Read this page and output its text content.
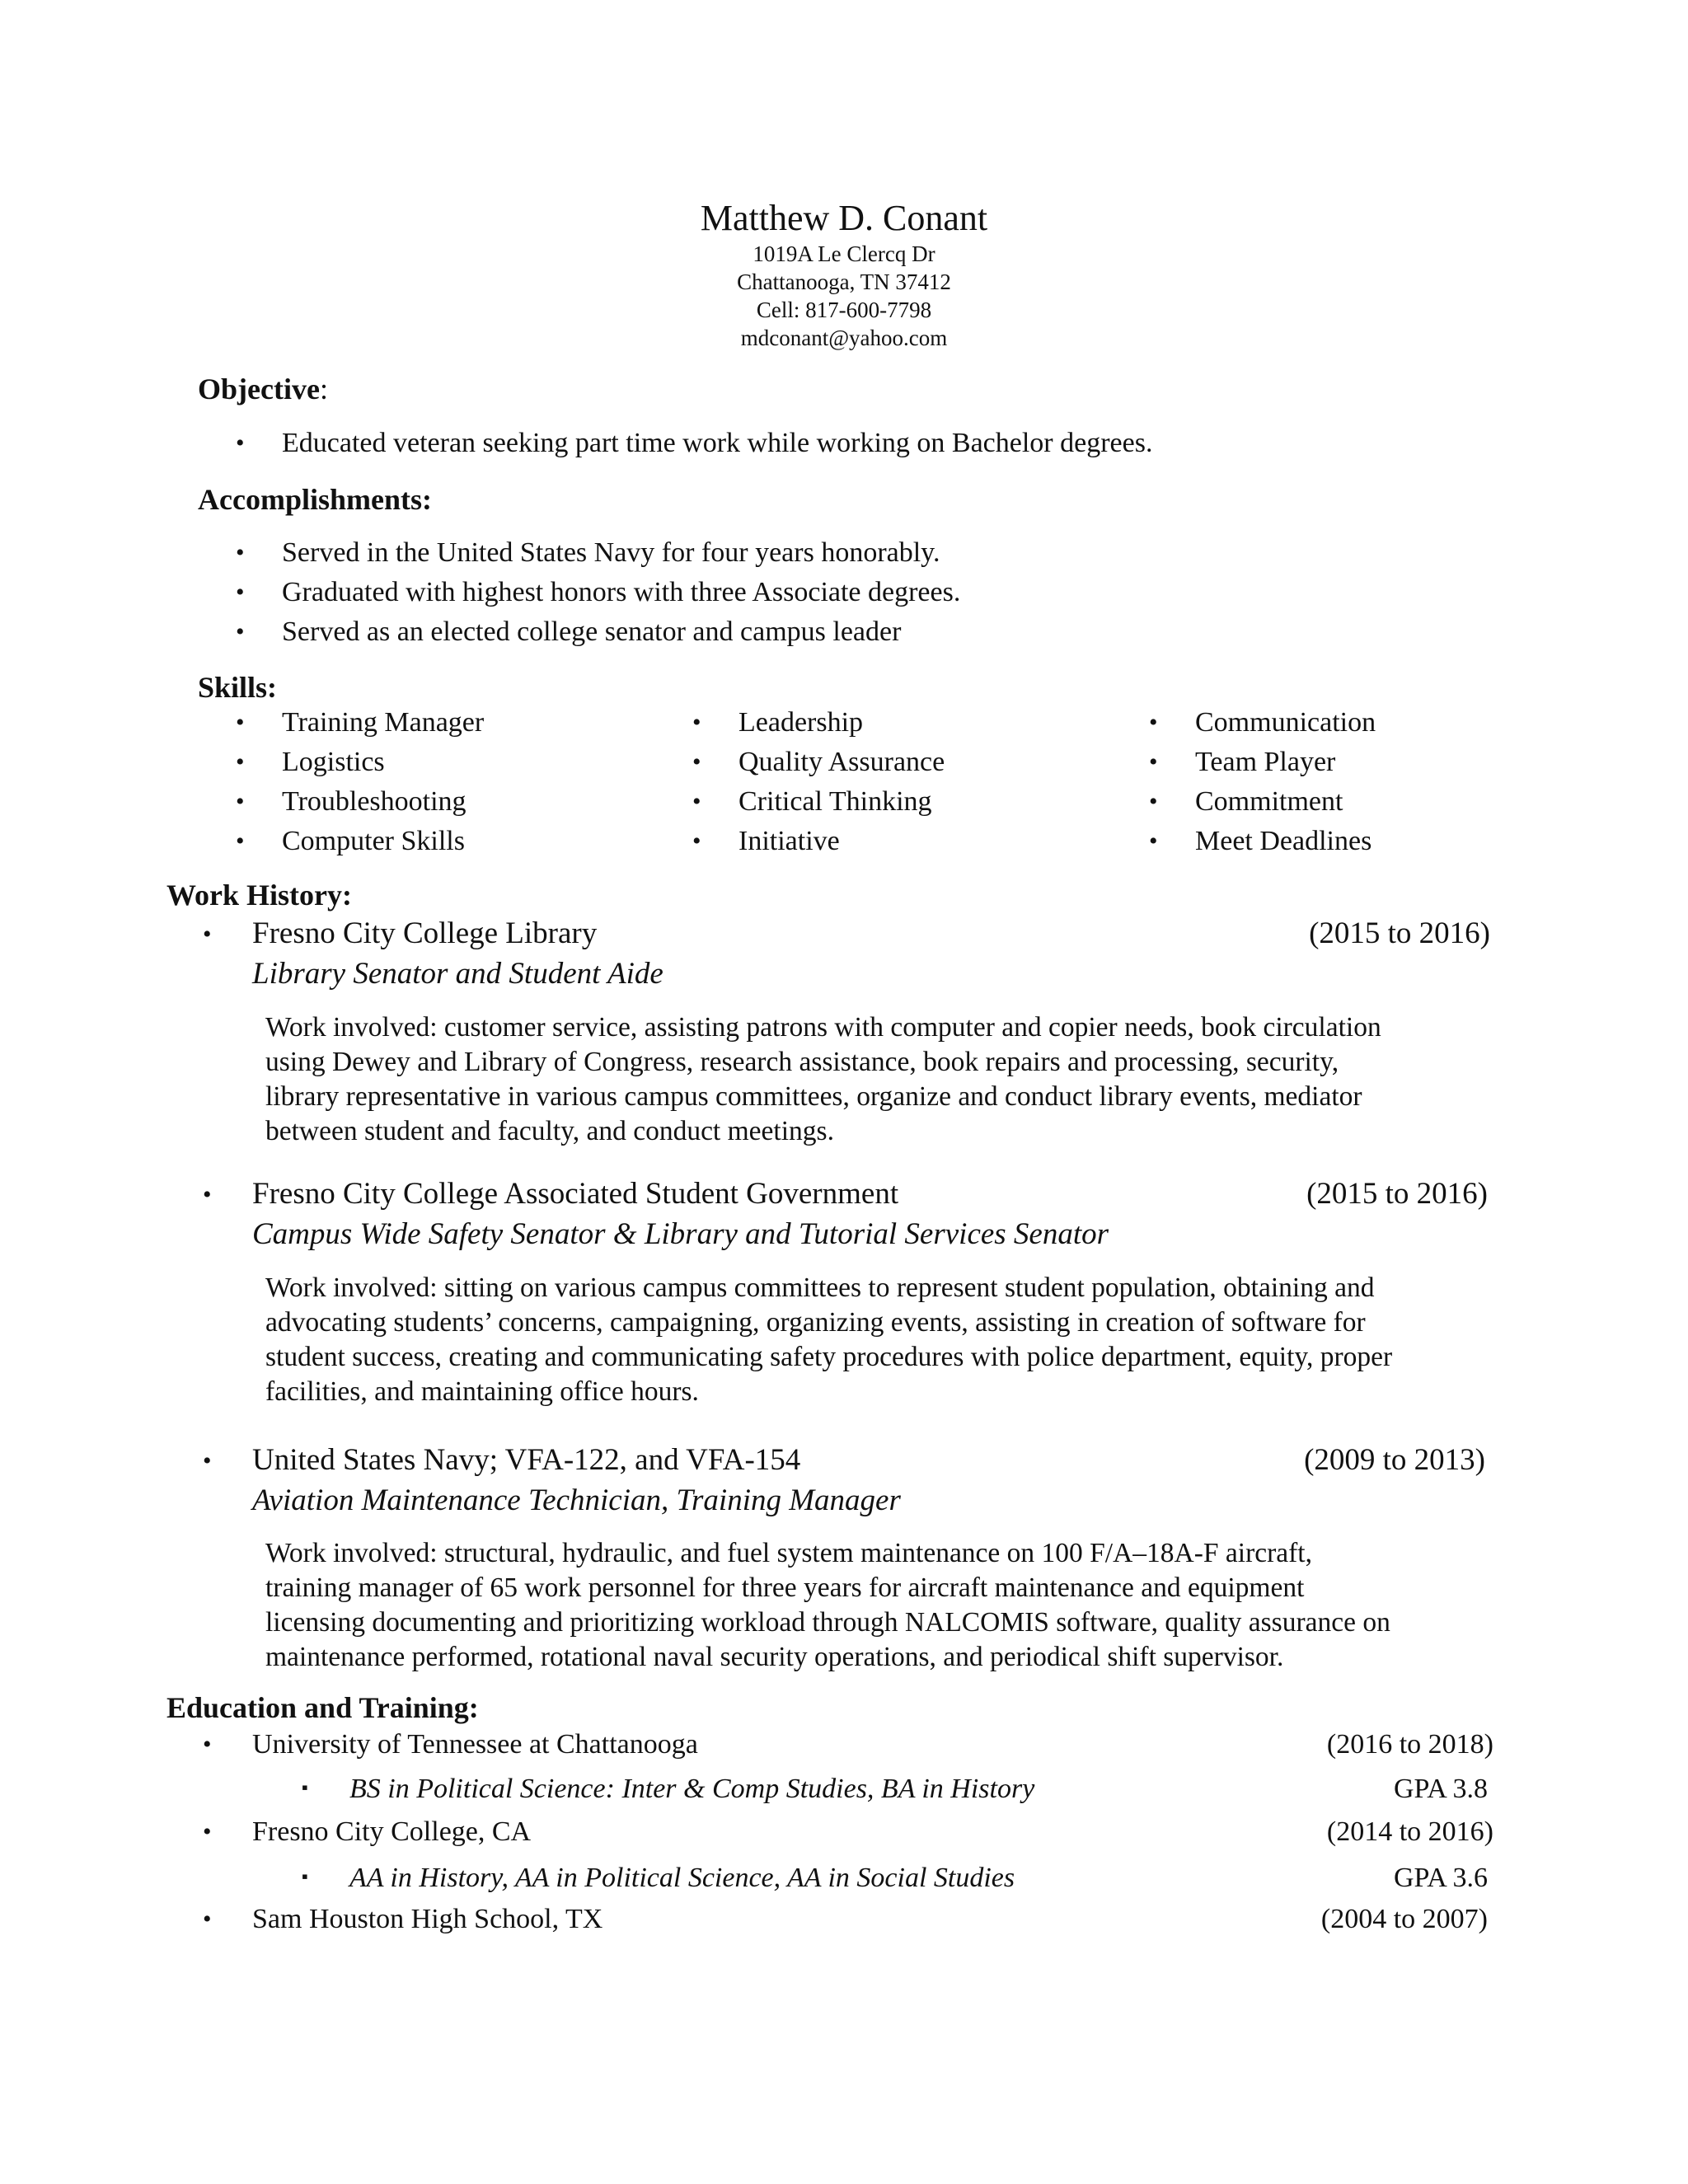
Matthew D. Conant
1019A Le Clercq Dr
Chattanooga, TN 37412
Cell: 817-600-7798
mdconant@yahoo.com
Objective:
• Educated veteran seeking part time work while working on Bachelor degrees.
Accomplishments:
• Served in the United States Navy for four years honorably.
• Graduated with highest honors with three Associate degrees.
• Served as an elected college senator and campus leader
Skills:
• Training Manager
• Logistics
• Troubleshooting
• Computer Skills
• Leadership
• Quality Assurance
• Critical Thinking
• Initiative
• Communication
• Team Player
• Commitment
• Meet Deadlines
Work History:
• Fresno City College Library	(2015 to 2016)
Library Senator and Student Aide
Work involved: customer service, assisting patrons with computer and copier needs, book circulation
using Dewey and Library of Congress, research assistance, book repairs and processing, security,
library representative in various campus committees, organize and conduct library events, mediator
between student and faculty, and conduct meetings.
• Fresno City College Associated Student Government	(2015 to 2016)
Campus Wide Safety Senator & Library and Tutorial Services Senator
Work involved: sitting on various campus committees to represent student population, obtaining and
advocating students’ concerns, campaigning, organizing events, assisting in creation of software for
student success, creating and communicating safety procedures with police department, equity, proper
facilities, and maintaining office hours.
• United States Navy; VFA-122, and VFA-154	(2009 to 2013)
Aviation Maintenance Technician, Training Manager
Work involved: structural, hydraulic, and fuel system maintenance on 100 F/A–18A-F aircraft,
training manager of 65 work personnel for three years for aircraft maintenance and equipment
licensing documenting and prioritizing workload through NALCOMIS software, quality assurance on
maintenance performed, rotational naval security operations, and periodical shift supervisor.
Education and Training:
• University of Tennessee at Chattanooga	(2016 to 2018)
▪ BS in Political Science: Inter & Comp Studies, BA in History	GPA 3.8
• Fresno City College, CA	(2014 to 2016)
▪ AA in History, AA in Political Science, AA in Social Studies	GPA 3.6
• Sam Houston High School, TX	(2004 to 2007)
